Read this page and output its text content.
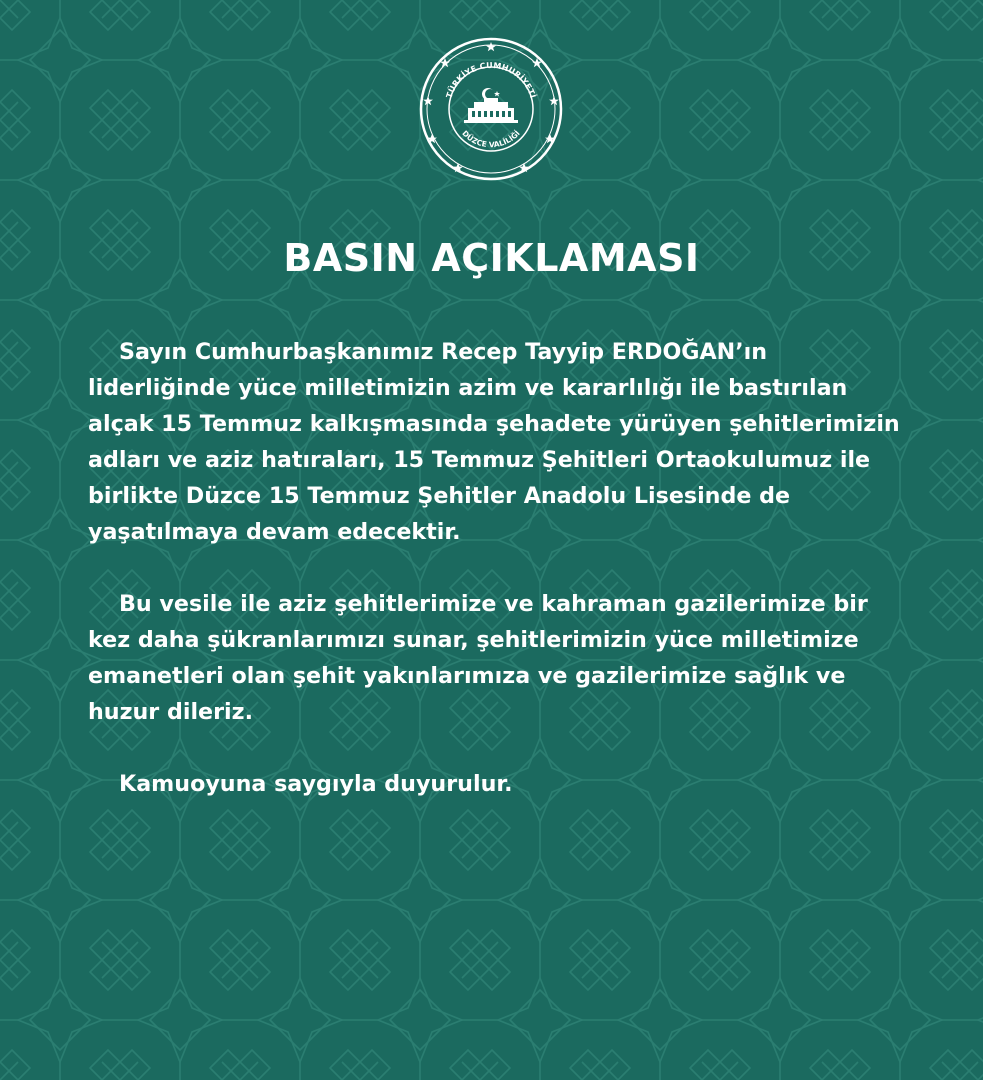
TÜRKİYE CUMHURİYETİ
DÜZCE VALİLİĞİ
BASIN AÇIKLAMASI

Sayın Cumhurbaşkanımız Recep Tayyip ERDOĞAN’ın
liderliğinde yüce milletimizin azim ve kararlılığı ile bastırılan
alçak 15 Temmuz kalkışmasında şehadete yürüyen şehitlerimizin
adları ve aziz hatıraları, 15 Temmuz Şehitleri Ortaokulumuz ile
birlikte Düzce 15 Temmuz Şehitler Anadolu Lisesinde de
yaşatılmaya devam edecektir.

Bu vesile ile aziz şehitlerimize ve kahraman gazilerimize bir
kez daha şükranlarımızı sunar, şehitlerimizin yüce milletimize
emanetleri olan şehit yakınlarımıza ve gazilerimize sağlık ve
huzur dileriz.

Kamuoyuna saygıyla duyurulur.
